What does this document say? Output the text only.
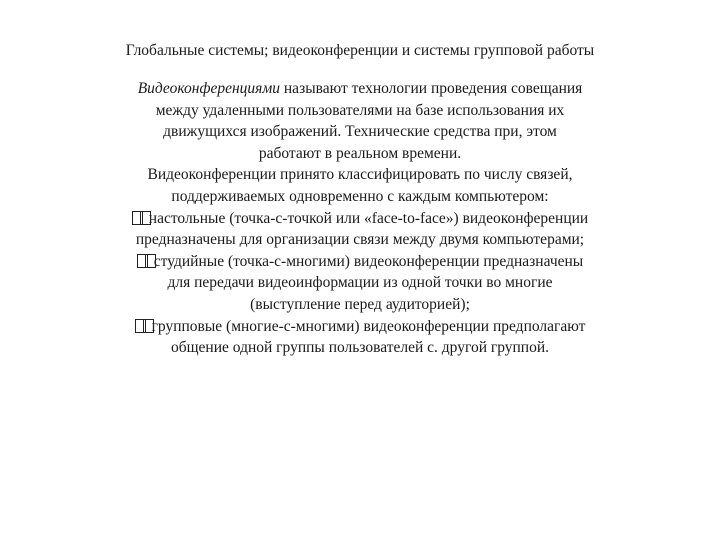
Глобальные системы; видеоконференции и системы групповой работы

Видеоконференциями называют технологии проведения совещания
между удаленными пользователями на базе использования их
движущихся изображений. Технические средства при, этом
работают в реальном времени.

Видеоконференции принято классифицировать по числу связей,
поддерживаемых одновременно с каждым компьютером:

настольные (точка-с-точкой или «face-to-face») видеоконференции
предназначены для организации связи между двумя компьютерами;

студийные (точка-с-многими) видеоконференции предназначены
для передачи видеоинформации из одной точки во многие
(выступление перед аудиторией);

групповые (многие-с-многими) видеоконференции предполагают
общение одной группы пользователей с. другой группой.
